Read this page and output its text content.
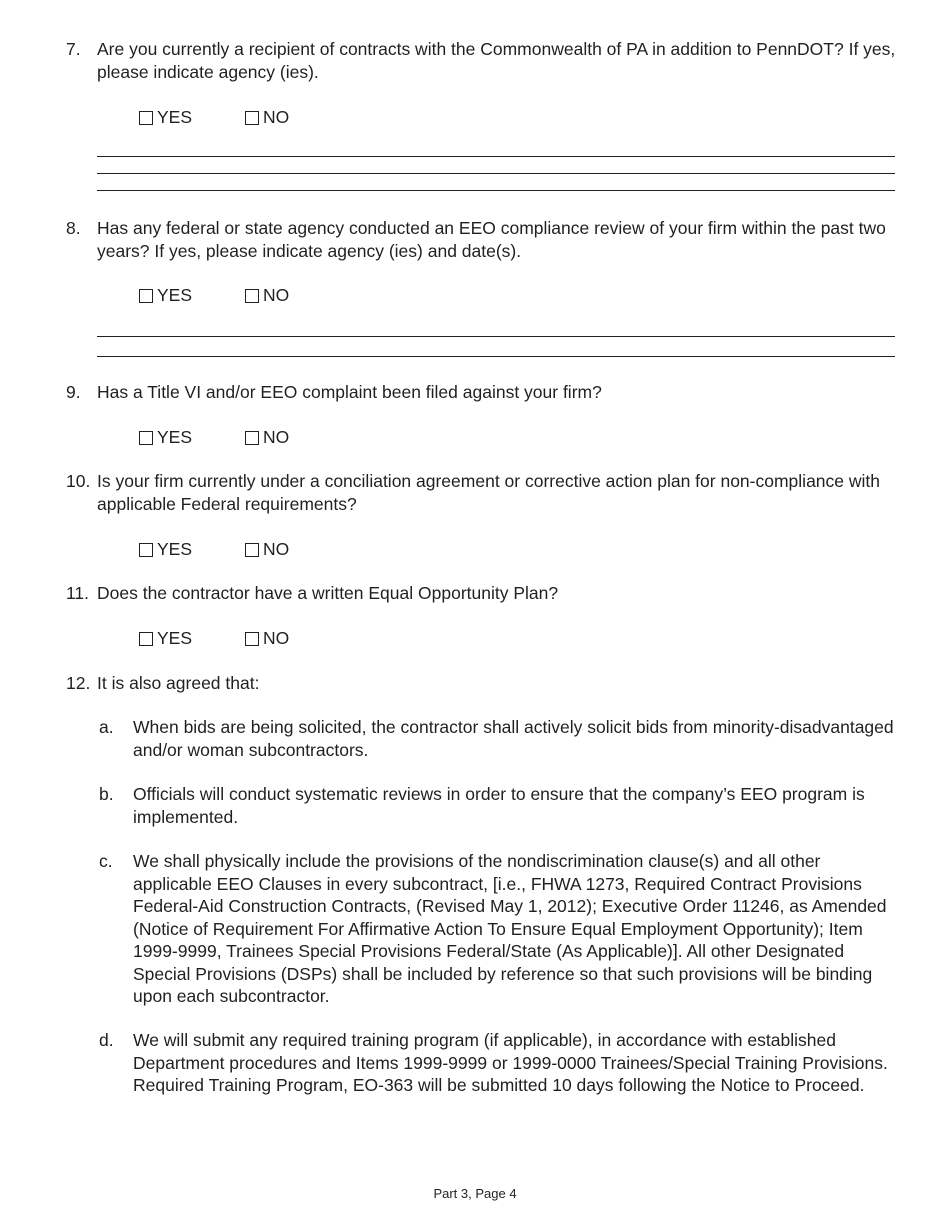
7. Are you currently a recipient of contracts with the Commonwealth of PA in addition to PennDOT? If yes, please indicate agency (ies).
YES	NO
8. Has any federal or state agency conducted an EEO compliance review of your firm within the past two years? If yes, please indicate agency (ies) and date(s).
YES	NO
9. Has a Title VI and/or EEO complaint been filed against your firm?
YES	NO
10. Is your firm currently under a conciliation agreement or corrective action plan for non-compliance with applicable Federal requirements?
YES	NO
11. Does the contractor have a written Equal Opportunity Plan?
YES	NO
12. It is also agreed that:
a. When bids are being solicited, the contractor shall actively solicit bids from minority-disadvantaged and/or woman subcontractors.
b. Officials will conduct systematic reviews in order to ensure that the company’s EEO program is implemented.
c. We shall physically include the provisions of the nondiscrimination clause(s) and all other applicable EEO Clauses in every subcontract, [i.e., FHWA 1273, Required Contract Provisions Federal-Aid Construction Contracts, (Revised May 1, 2012); Executive Order 11246, as Amended (Notice of Requirement For Affirmative Action To Ensure Equal Employment Opportunity); Item 1999-9999, Trainees Special Provisions Federal/State (As Applicable)]. All other Designated Special Provisions (DSPs) shall be included by reference so that such provisions will be binding upon each subcontractor.
d. We will submit any required training program (if applicable), in accordance with established Department procedures and Items 1999-9999 or 1999-0000 Trainees/Special Training Provisions. Required Training Program, EO-363 will be submitted 10 days following the Notice to Proceed.
Part 3, Page 4
